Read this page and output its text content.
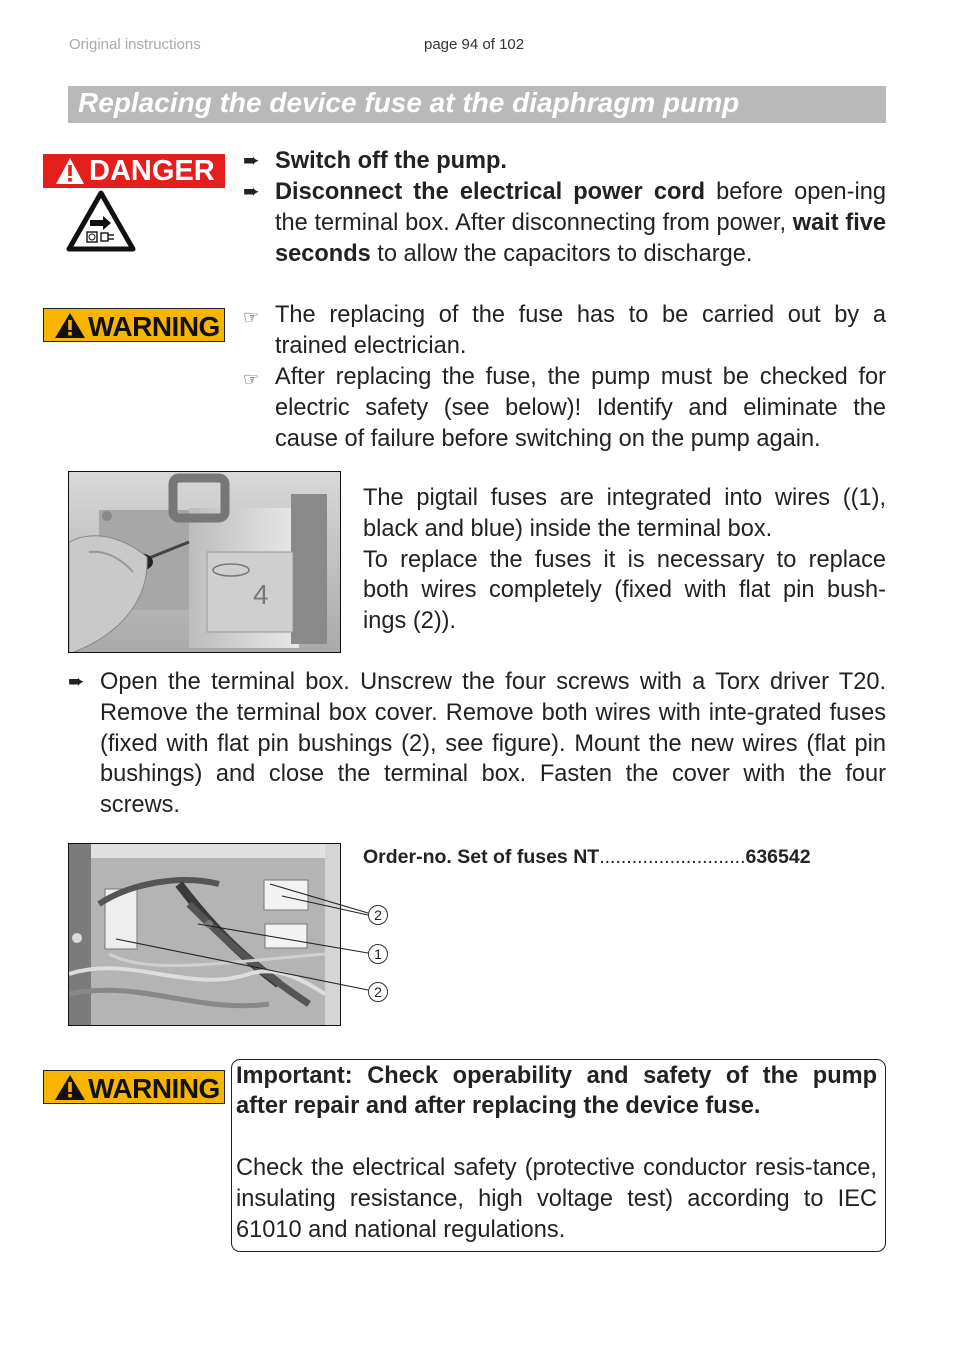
Original instructions	page 94 of 102
Replacing the device fuse at the diaphragm pump
DANGER ➨ Switch off the pump.
➨ Disconnect the electrical power cord before open-ing the terminal box. After disconnecting from power, wait five seconds to allow the capacitors to discharge.
WARNING ☞ The replacing of the fuse has to be carried out by a trained electrician.
☞ After replacing the fuse, the pump must be checked for electric safety (see below)! Identify and eliminate the cause of failure before switching on the pump again.
4
The pigtail fuses are integrated into wires ((1), black and blue) inside the terminal box.
To replace the fuses it is necessary to replace both wires completely (fixed with flat pin bush-ings (2)).
➨ Open the terminal box. Unscrew the four screws with a Torx driver T20. Remove the terminal box cover. Remove both wires with inte-grated fuses (fixed with flat pin bushings (2), see figure). Mount the new wires (flat pin bushings) and close the terminal box. Fasten the cover with the four screws.
2
1
2
Order-no. Set of fuses NT...........................636542
WARNING Important: Check operability and safety of the pump after repair and after replacing the device fuse.
Check the electrical safety (protective conductor resis-tance, insulating resistance, high voltage test) according to IEC 61010 and national regulations.
